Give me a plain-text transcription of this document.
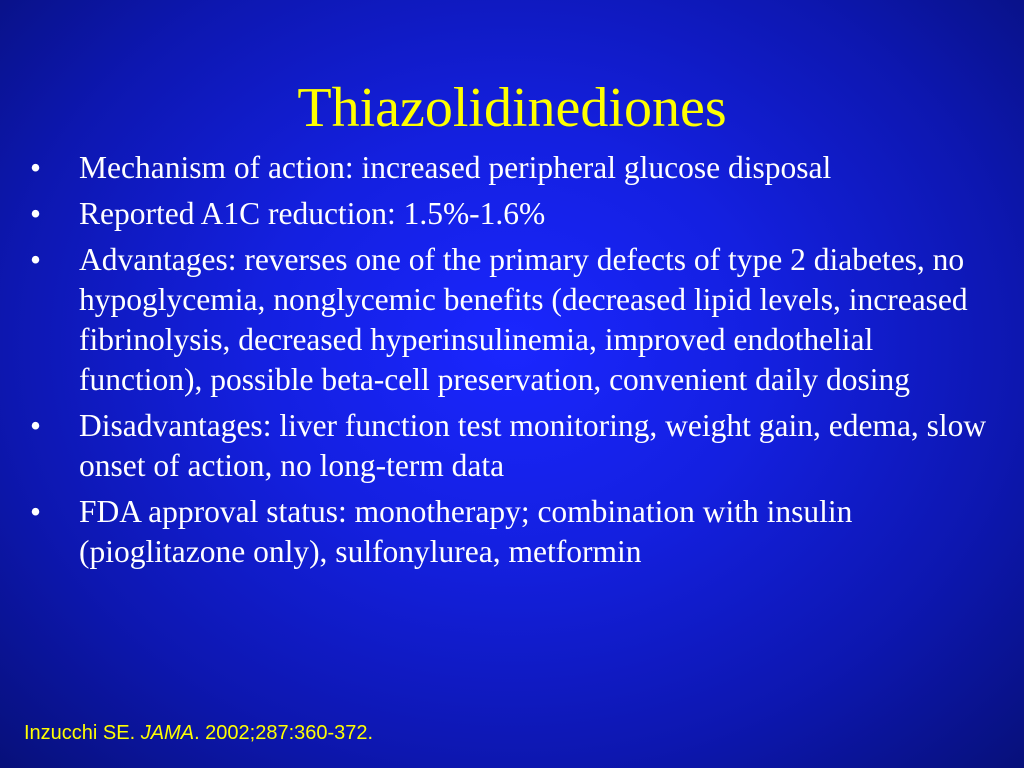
Thiazolidinediones
•	Mechanism of action: increased peripheral glucose disposal
•	Reported A1C reduction: 1.5%-1.6%
•	Advantages: reverses one of the primary defects of type 2 diabetes, no hypoglycemia, nonglycemic benefits (decreased lipid levels, increased fibrinolysis, decreased hyperinsulinemia, improved endothelial function), possible beta-cell preservation, convenient daily dosing
•	Disadvantages: liver function test monitoring, weight gain, edema, slow onset of action, no long-term data
•	FDA approval status: monotherapy; combination with insulin (pioglitazone only), sulfonylurea, metformin
Inzucchi SE. JAMA. 2002;287:360-372.
